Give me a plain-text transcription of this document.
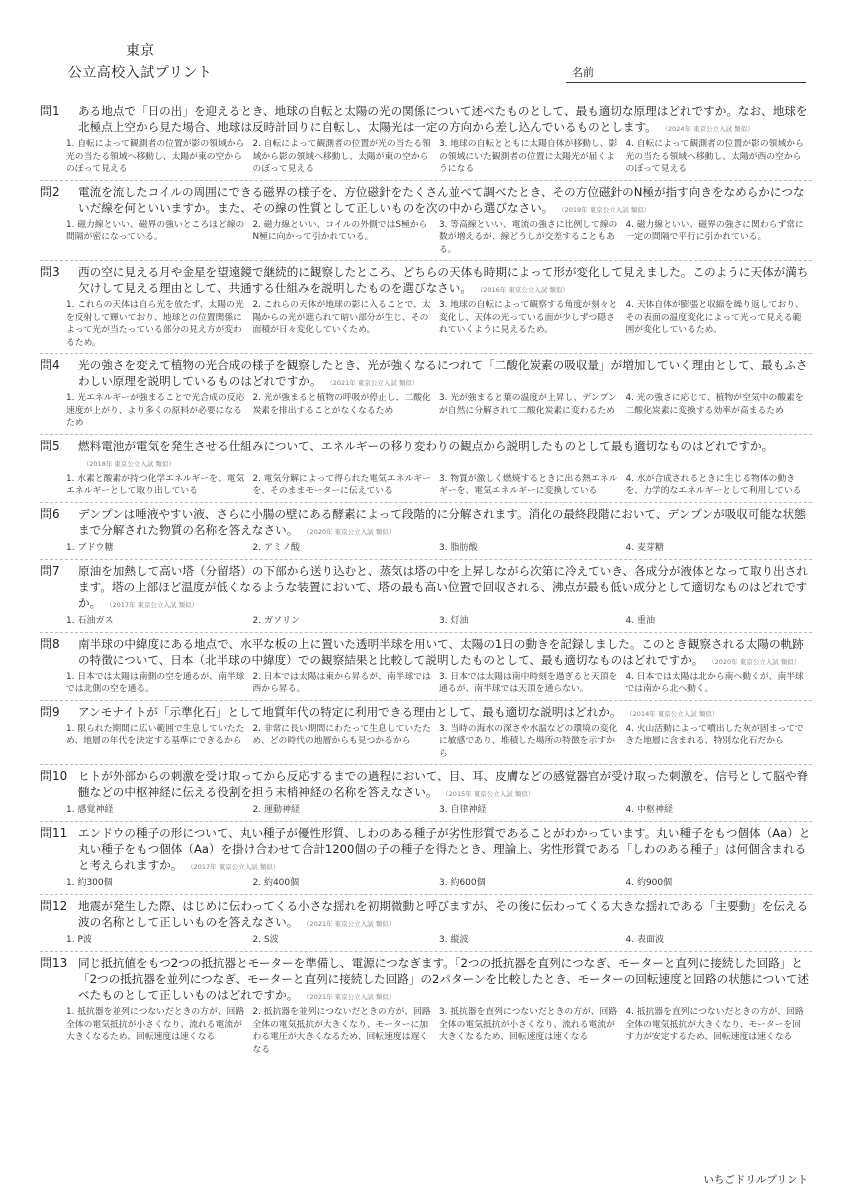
東京
公立高校入試プリント	名前
問1	ある地点で「日の出」を迎えるとき、地球の自転と太陽の光の関係について述べたものとして、最も適切な原理はどれですか。なお、地球を北極点上空から見た場合、地球は反時計回りに自転し、太陽光は一定の方向から差し込んでいるものとします。 （2024年 東京公立入試 類似）
1. 自転によって観測者の位置が影の領域から光の当たる領域へ移動し、太陽が東の空からのぼって見える
2. 自転によって観測者の位置が光の当たる領域から影の領域へ移動し、太陽が東の空からのぼって見える
3. 地球の自転とともに太陽自体が移動し、影の領域にいた観測者の位置に太陽光が届くようになる
4. 自転によって観測者の位置が影の領域から光の当たる領域へ移動し、太陽が西の空からのぼって見える
問2	電流を流したコイルの周囲にできる磁界の様子を、方位磁針をたくさん並べて調べたとき、その方位磁針のN極が指す向きをなめらかにつないだ線を何といいますか。また、その線の性質として正しいものを次の中から選びなさい。 （2019年 東京公立入試 類似）
1. 磁力線といい、磁界の強いところほど線の間隔が密になっている。
2. 磁力線といい、コイルの外側ではS極からN極に向かって引かれている。
3. 等高線といい、電流の強さに比例して線の数が増えるが、線どうしが交差することもある。
4. 磁力線といい、磁界の強さに関わらず常に一定の間隔で平行に引かれている。
問3	西の空に見える月や金星を望遠鏡で継続的に観察したところ、どちらの天体も時期によって形が変化して見えました。このように天体が満ち欠けして見える理由として、共通する仕組みを説明したものを選びなさい。 （2016年 東京公立入試 類似）
1. これらの天体は自ら光を放たず、太陽の光を反射して輝いており、地球との位置関係によって光が当たっている部分の見え方が変わるため。
2. これらの天体が地球の影に入ることで、太陽からの光が遮られて暗い部分が生じ、その面積が日々変化していくため。
3. 地球の自転によって観察する角度が刻々と変化し、天体の光っている面が少しずつ隠されていくように見えるため。
4. 天体自体が膨張と収縮を繰り返しており、その表面の温度変化によって光って見える範囲が変化しているため。
問4	光の強さを変えて植物の光合成の様子を観察したとき、光が強くなるにつれて「二酸化炭素の吸収量」が増加していく理由として、最もふさわしい原理を説明しているものはどれですか。 （2021年 東京公立入試 類似）
1. 光エネルギーが強まることで光合成の反応速度が上がり、より多くの原料が必要になるため
2. 光が強まると植物の呼吸が停止し、二酸化炭素を排出することがなくなるため
3. 光が強まると葉の温度が上昇し、デンプンが自然に分解されて二酸化炭素に変わるため
4. 光の強さに応じて、植物が空気中の酸素を二酸化炭素に変換する効率が高まるため
問5	燃料電池が電気を発生させる仕組みについて、エネルギーの移り変わりの観点から説明したものとして最も適切なものはどれですか。（2018年 東京公立入試 類似）
1. 水素と酸素が持つ化学エネルギーを、電気エネルギーとして取り出している
2. 電気分解によって得られた電気エネルギーを、そのままモーターに伝えている
3. 物質が激しく燃焼するときに出る熱エネルギーを、電気エネルギーに変換している
4. 水が合成されるときに生じる物体の動きを、力学的なエネルギーとして利用している
問6	デンプンは唾液やすい液、さらに小腸の壁にある酵素によって段階的に分解されます。消化の最終段階において、デンプンが吸収可能な状態まで分解された物質の名称を答えなさい。 （2020年 東京公立入試 類似）
1. ブドウ糖	2. アミノ酸	3. 脂肪酸	4. 麦芽糖
問7	原油を加熱して高い塔（分留塔）の下部から送り込むと、蒸気は塔の中を上昇しながら次第に冷えていき、各成分が液体となって取り出されます。塔の上部ほど温度が低くなるような装置において、塔の最も高い位置で回収される、沸点が最も低い成分として適切なものはどれですか。 （2017年 東京公立入試 類似）
1. 石油ガス	2. ガソリン	3. 灯油	4. 重油
問8	南半球の中緯度にある地点で、水平な板の上に置いた透明半球を用いて、太陽の1日の動きを記録しました。このとき観察される太陽の軌跡の特徴について、日本（北半球の中緯度）での観察結果と比較して説明したものとして、最も適切なものはどれですか。 （2020年 東京公立入試 類似）
1. 日本では太陽は南側の空を通るが、南半球では北側の空を通る。
2. 日本では太陽は東から昇るが、南半球では西から昇る。
3. 日本では太陽は南中時刻を過ぎると天頂を通るが、南半球では天頂を通らない。
4. 日本では太陽は北から南へ動くが、南半球では南から北へ動く。
問9	アンモナイトが「示準化石」として地質年代の特定に利用できる理由として、最も適切な説明はどれか。 （2014年 東京公立入試 類似）
1. 限られた期間に広い範囲で生息していたため、地層の年代を決定する基準にできるから
2. 非常に長い期間にわたって生息していたため、どの時代の地層からも見つかるから
3. 当時の海水の深さや水温などの環境の変化に敏感であり、堆積した場所の特徴を示すから
4. 火山活動によって噴出した灰が固まってできた地層に含まれる、特別な化石だから
問10 ヒトが外部からの刺激を受け取ってから反応するまでの過程において、目、耳、皮膚などの感覚器官が受け取った刺激を、信号として脳や脊髄などの中枢神経に伝える役割を担う末梢神経の名称を答えなさい。 （2015年 東京公立入試 類似）
1. 感覚神経	2. 運動神経	3. 自律神経	4. 中枢神経
問11 エンドウの種子の形について、丸い種子が優性形質、しわのある種子が劣性形質であることがわかっています。丸い種子をもつ個体（Aa）と丸い種子をもつ個体（Aa）を掛け合わせて合計1200個の子の種子を得たとき、理論上、劣性形質である「しわのある種子」は何個含まれると考えられますか。 （2017年 東京公立入試 類似）
1. 約300個	2. 約400個	3. 約600個	4. 約900個
問12 地震が発生した際、はじめに伝わってくる小さな揺れを初期微動と呼びますが、その後に伝わってくる大きな揺れである「主要動」を伝える波の名称として正しいものを答えなさい。 （2021年 東京公立入試 類似）
1. P波	2. S波	3. 縦波	4. 表面波
問13 同じ抵抗値をもつ2つの抵抗器とモーターを準備し、電源につなぎます。「2つの抵抗器を直列につなぎ、モーターと直列に接続した回路」と「2つの抵抗器を並列につなぎ、モーターと直列に接続した回路」の2パターンを比較したとき、モーターの回転速度と回路の状態について述べたものとして正しいものはどれですか。 （2021年 東京公立入試 類似）
1. 抵抗器を並列につないだときの方が、回路全体の電気抵抗が小さくなり、流れる電流が大きくなるため、回転速度は速くなる
2. 抵抗器を並列につないだときの方が、回路全体の電気抵抗が大きくなり、モーターに加わる電圧が大きくなるため、回転速度は遅くなる
3. 抵抗器を直列につないだときの方が、回路全体の電気抵抗が小さくなり、流れる電流が大きくなるため、回転速度は速くなる
4. 抵抗器を直列につないだときの方が、回路全体の電気抵抗が大きくなり、モーターを回す力が安定するため、回転速度は速くなる
いちごドリルプリント
